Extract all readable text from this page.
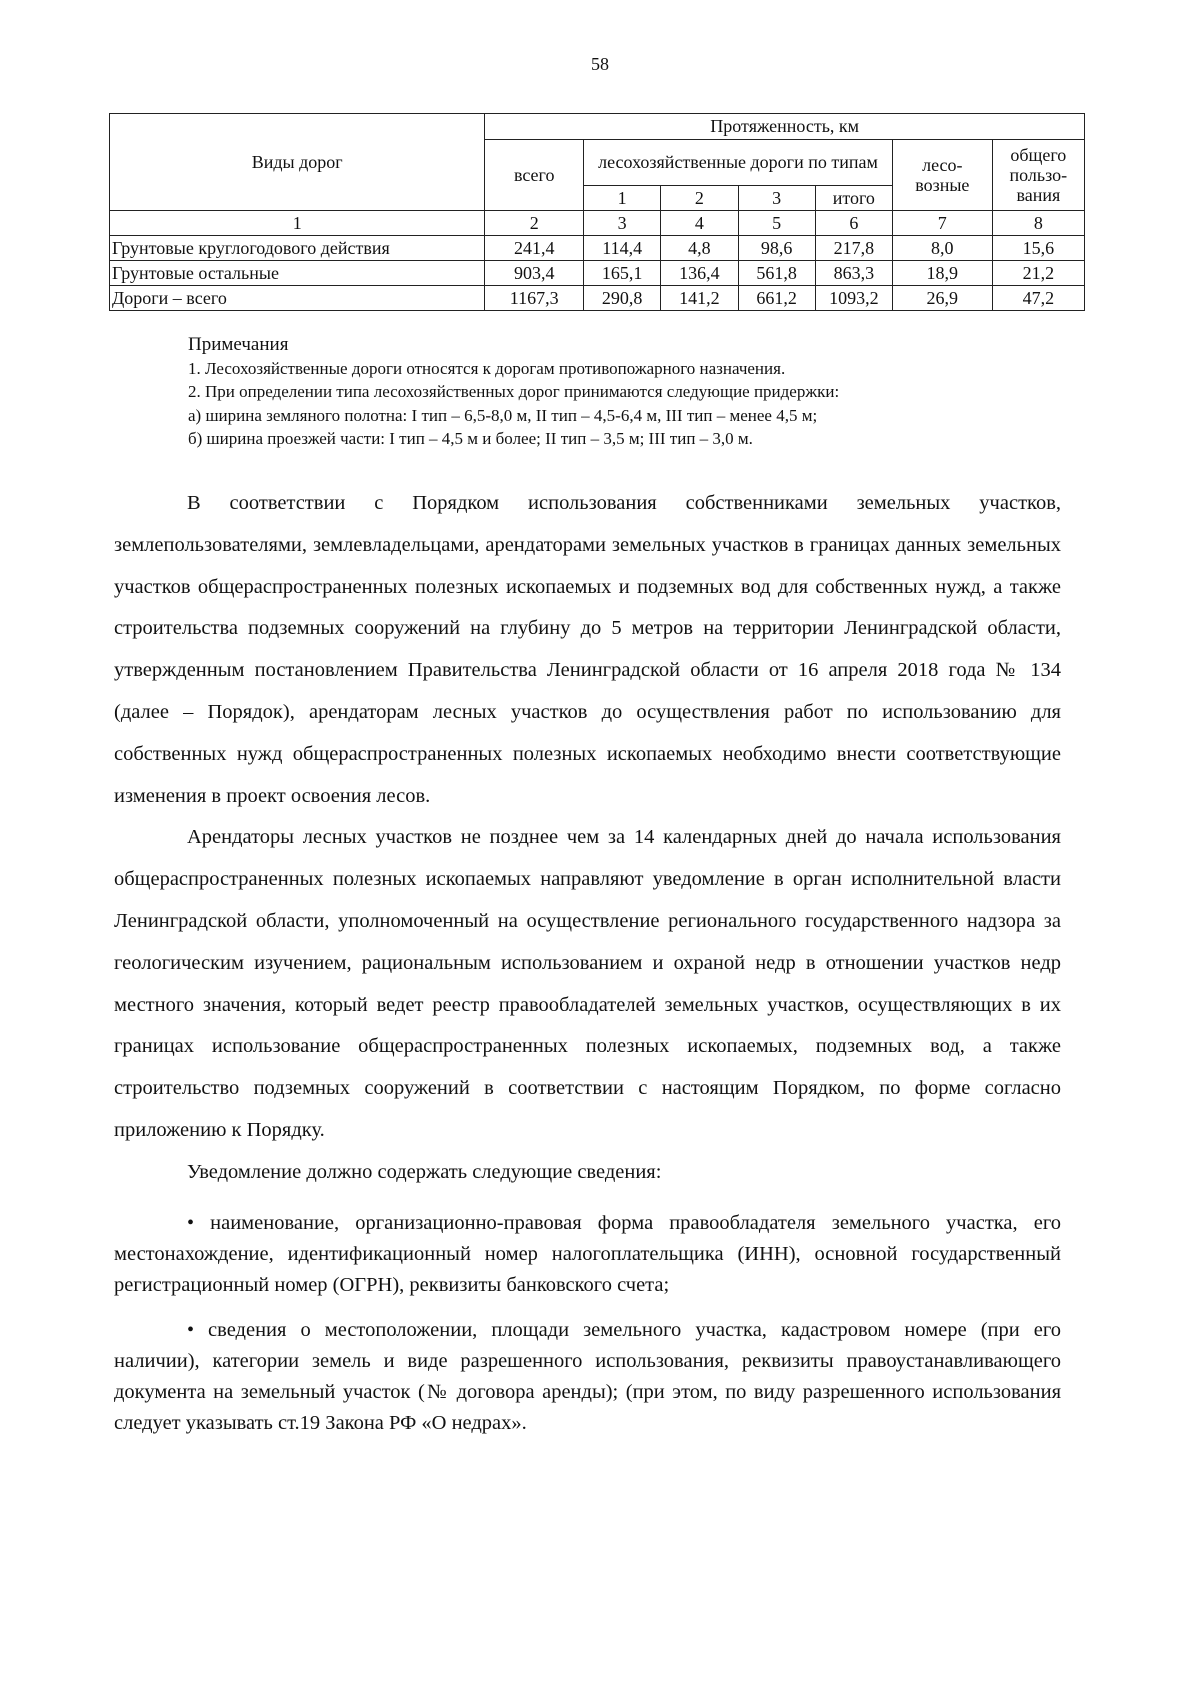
58
Виды дорог	Протяженность, км						
	всего	лесохозяйственные дороги по типам				лесо-возные	общего пользо-вания
		1	2	3	итого		
1	2	3	4	5	6	7	8
Грунтовые круглогодового действия	241,4	114,4	4,8	98,6	217,8	8,0	15,6
Грунтовые остальные	903,4	165,1	136,4	561,8	863,3	18,9	21,2
Дороги – всего	1167,3	290,8	141,2	661,2	1093,2	26,9	47,2
Примечания
1. Лесохозяйственные дороги относятся к дорогам противопожарного назначения.
2. При определении типа лесохозяйственных дорог принимаются следующие придержки:
а) ширина земляного полотна: I тип – 6,5-8,0 м, II тип – 4,5-6,4 м, III тип – менее 4,5 м;
б) ширина проезжей части: I тип – 4,5 м и более; II тип – 3,5 м; III тип – 3,0 м.

В соответствии с Порядком использования собственниками земельных участков, землепользователями, землевладельцами, арендаторами земельных участков в границах данных земельных участков общераспространенных полезных ископаемых и подземных вод для собственных нужд, а также строительства подземных сооружений на глубину до 5 метров на территории Ленинградской области, утвержденным постановлением Правительства Ленинградской области от 16 апреля 2018 года № 134 (далее – Порядок), арендаторам лесных участков до осуществления работ по использованию для собственных нужд общераспространенных полезных ископаемых необходимо внести соответствующие изменения в проект освоения лесов.

Арендаторы лесных участков не позднее чем за 14 календарных дней до начала использования общераспространенных полезных ископаемых направляют уведомление в орган исполнительной власти Ленинградской области, уполномоченный на осуществление регионального государственного надзора за геологическим изучением, рациональным использованием и охраной недр в отношении участков недр местного значения, который ведет реестр правообладателей земельных участков, осуществляющих в их границах использование общераспространенных полезных ископаемых, подземных вод, а также строительство подземных сооружений в соответствии с настоящим Порядком, по форме согласно приложению к Порядку.

Уведомление должно содержать следующие сведения:

• наименование, организационно-правовая форма правообладателя земельного участка, его местонахождение, идентификационный номер налогоплательщика (ИНН), основной государственный регистрационный номер (ОГРН), реквизиты банковского счета;

• сведения о местоположении, площади земельного участка, кадастровом номере (при его наличии), категории земель и виде разрешенного использования, реквизиты правоустанавливающего документа на земельный участок (№ договора аренды); (при этом, по виду разрешенного использования следует указывать ст.19 Закона РФ «О недрах».
